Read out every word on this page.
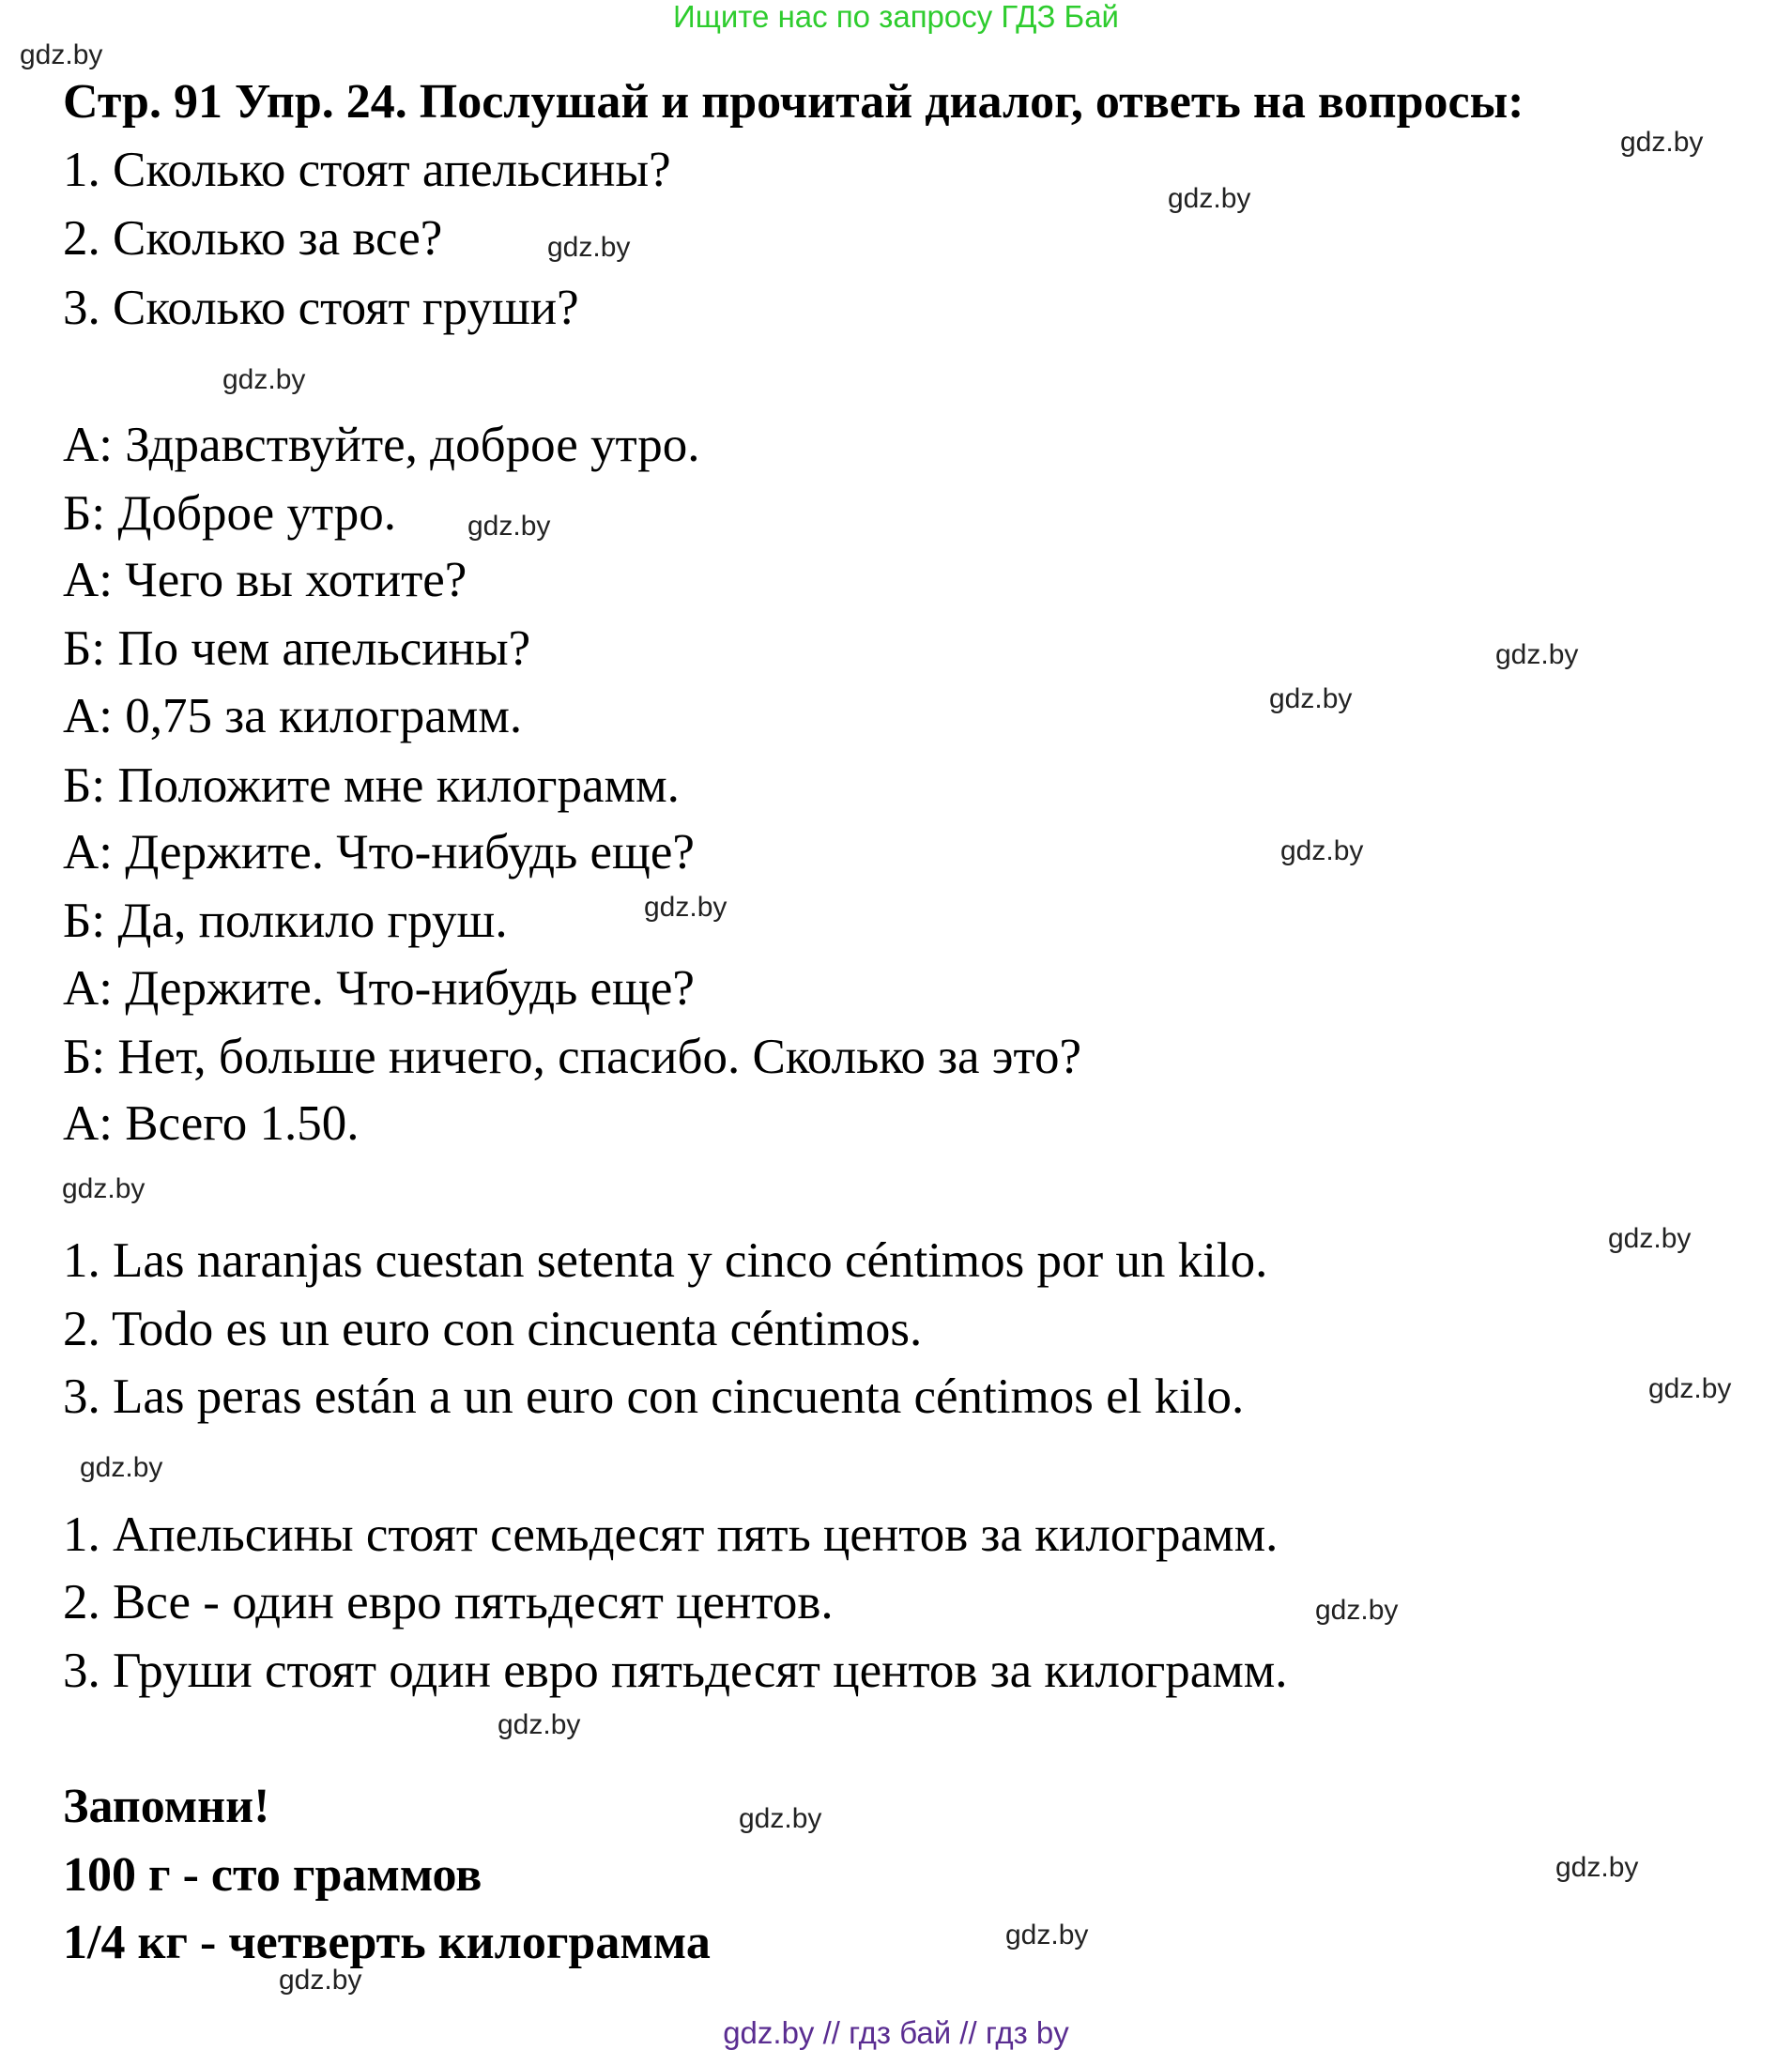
Ищите нас по запросу ГДЗ Бай
Стр. 91 Упр. 24. Послушай и прочитай диалог, ответь на вопросы:
1. Сколько стоят апельсины?
2. Сколько за все?
3. Сколько стоят груши?
А: Здравствуйте, доброе утро.
Б: Доброе утро.
А: Чего вы хотите?
Б: По чем апельсины?
А: 0,75 за килограмм.
Б: Положите мне килограмм.
А: Держите. Что-нибудь еще?
Б: Да, полкило груш.
А: Держите. Что-нибудь еще?
Б: Нет, больше ничего, спасибо. Сколько за это?
А: Всего 1.50.
1. Las naranjas cuestan setenta y cinco céntimos por un kilo.
2. Todo es un euro con cincuenta céntimos.
3. Las peras están a un euro con cincuenta céntimos el kilo.
1. Апельсины стоят семьдесят пять центов за килограмм.
2. Все - один евро пятьдесят центов.
3. Груши стоят один евро пятьдесят центов за килограмм.
Запомни!
100 г - сто граммов
1/4 кг - четверть килограмма
gdz.by
gdz.by
gdz.by
gdz.by
gdz.by
gdz.by
gdz.by
gdz.by
gdz.by
gdz.by
gdz.by
gdz.by
gdz.by
gdz.by
gdz.by
gdz.by
gdz.by
gdz.by
gdz.by
gdz.by
gdz.by // гдз бай // гдз by
